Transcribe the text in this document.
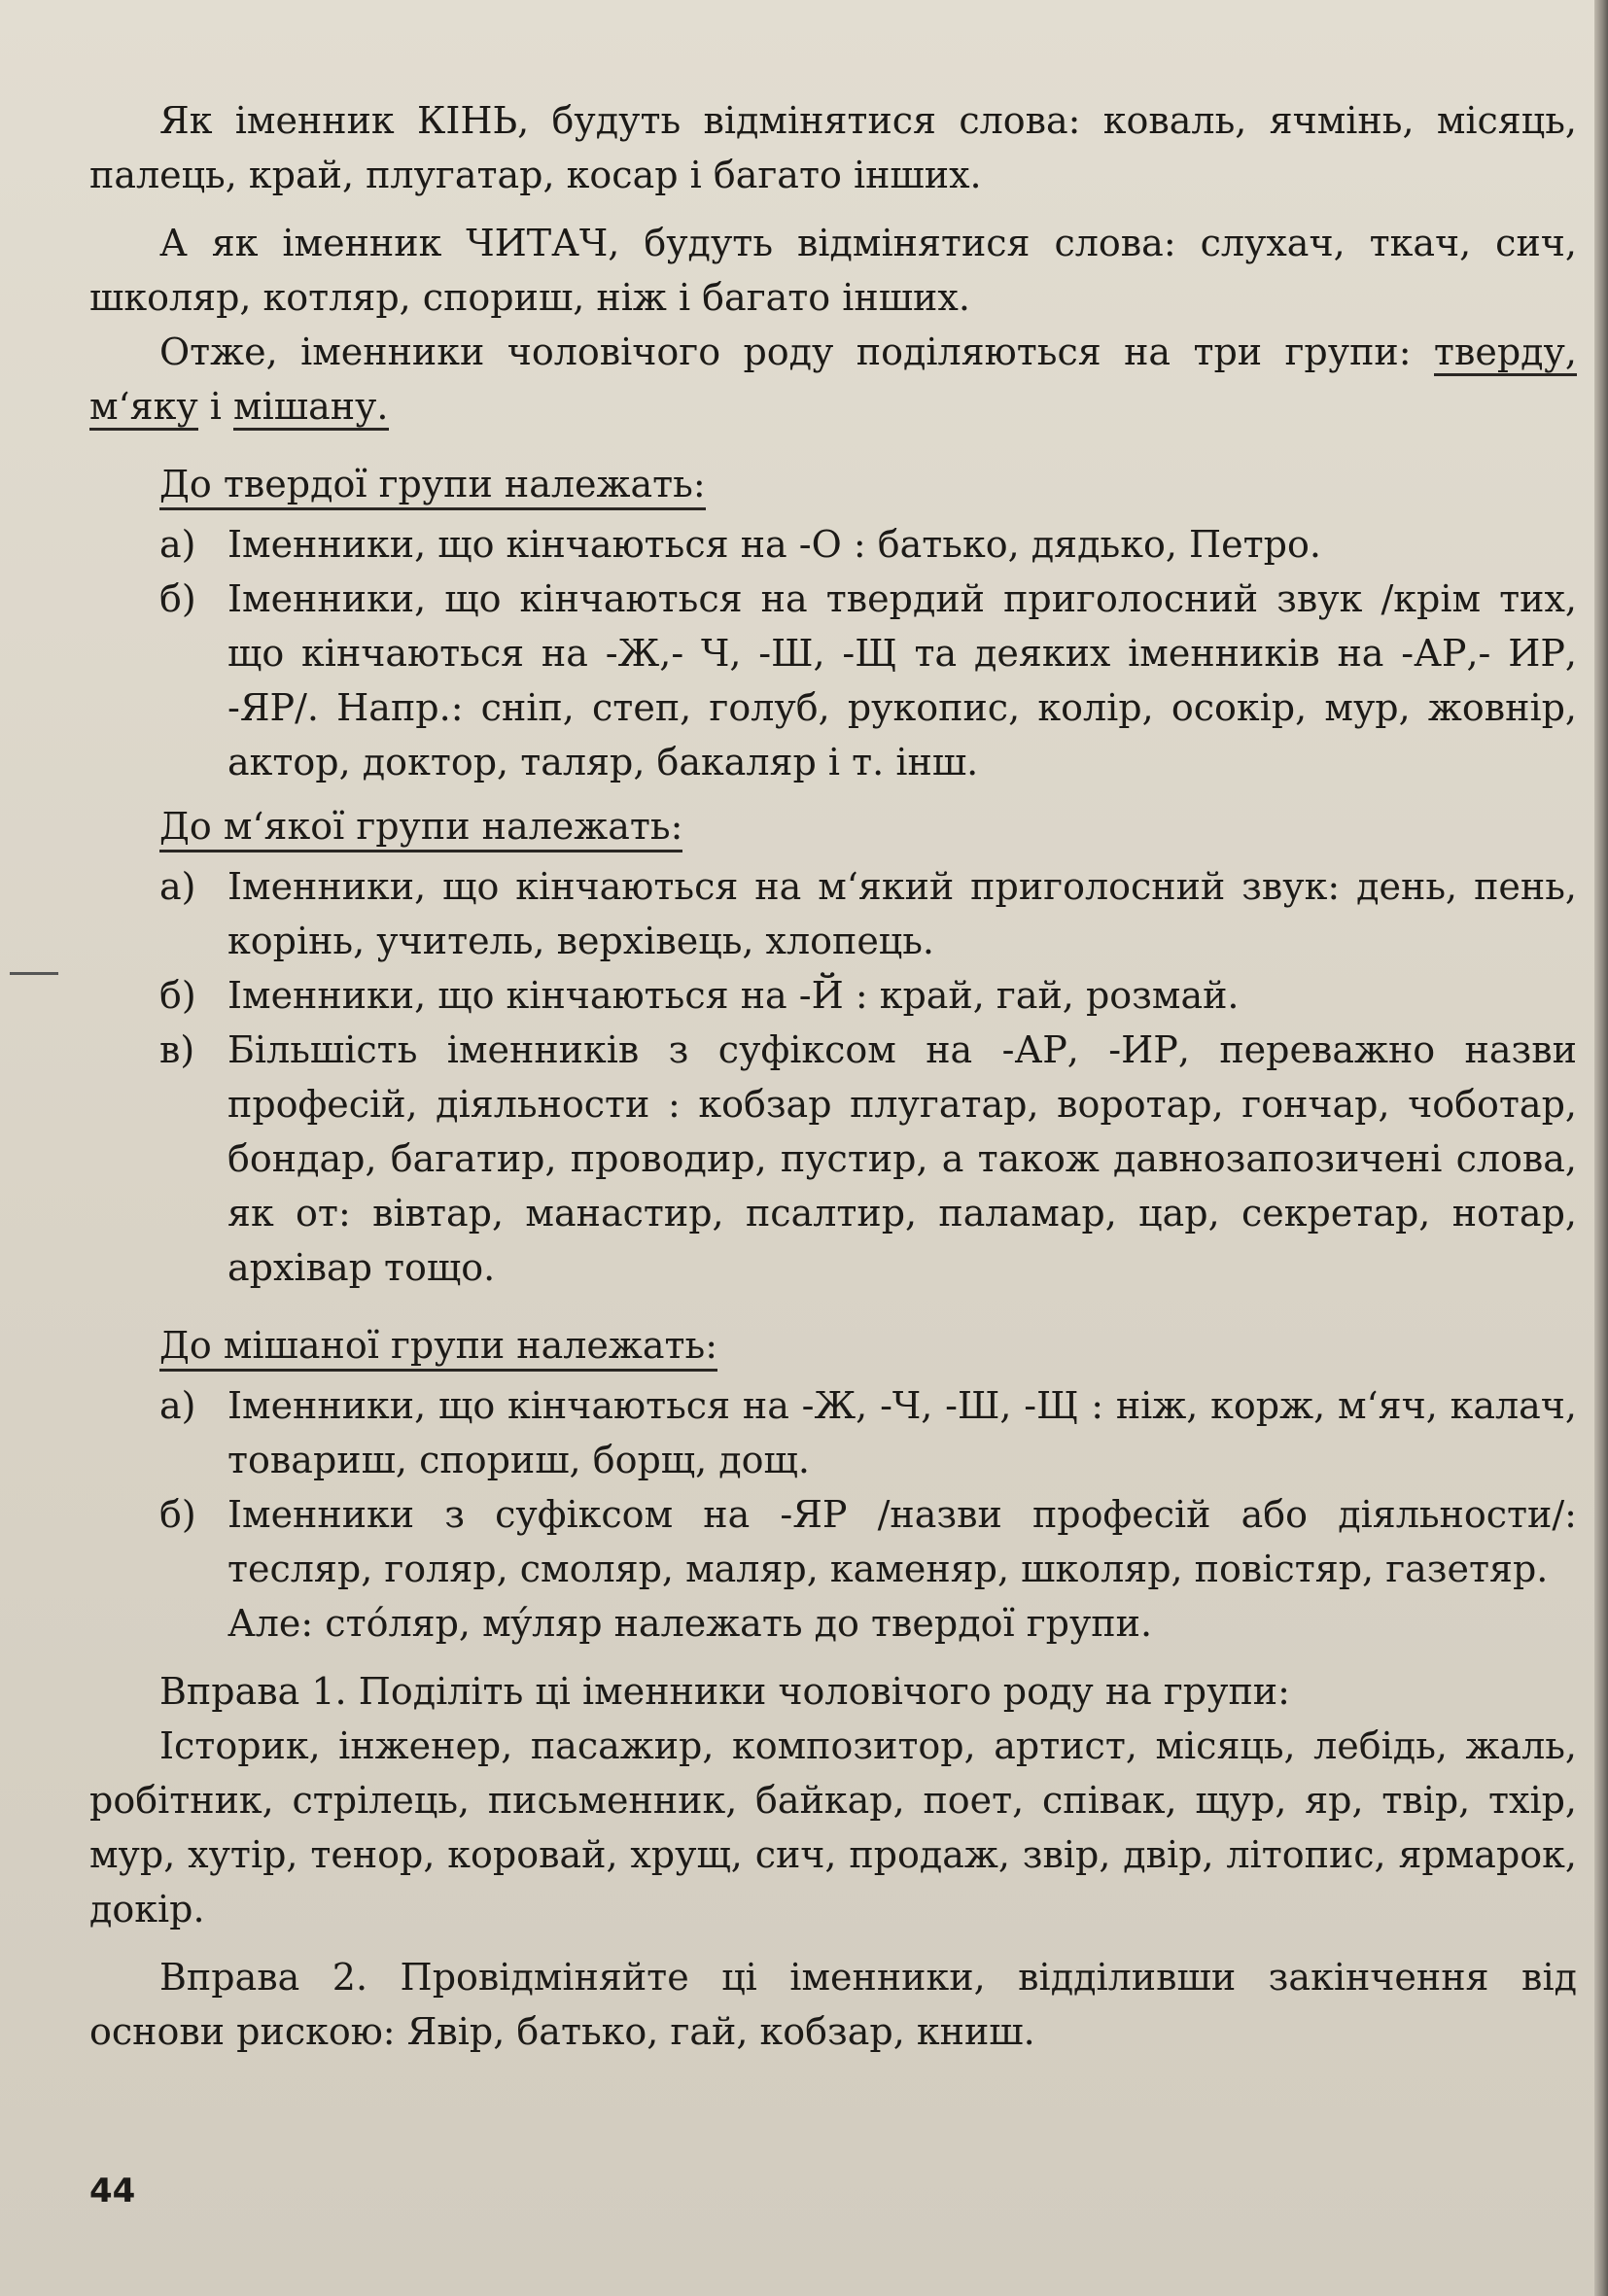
Як іменник КІНЬ, будуть відмінятися слова: коваль, ячмінь, місяць, палець, край, плугатар, косар і багато інших.

А як іменник ЧИТАЧ, будуть відмінятися слова: слухач, ткач, сич, школяр, котляр, спориш, ніж і багато інших.

Отже, іменники чоловічого роду поділяються на три групи: тверду, м‘яку і мішану.

До твердої групи належать:
а) Іменники, що кінчаються на -О : батько, дядько, Петро.
б) Іменники, що кінчаються на твердий приголосний звук /крім тих, що кінчаються на -Ж,- Ч, -Ш, -Щ та деяких іменників на -АР,- ИР, -ЯР/. Напр.: сніп, степ, голуб, рукопис, колір, осокір, мур, жовнір, актор, доктор, таляр, бакаляр і т. інш.
До м‘якої групи належать:
а) Іменники, що кінчаються на м‘який приголосний звук: день, пень, корінь, учитель, верхівець, хлопець.
б) Іменники, що кінчаються на -Й : край, гай, розмай.
в) Більшість іменників з суфіксом на -АР, -ИР, переважно назви професій, діяльности : кобзар плугатар, воротар, гончар, чоботар, бондар, багатир, проводир, пустир, а також давнозапозичені слова, як от: вівтар, манастир, псалтир, паламар, цар, секретар, нотар, архівар тощо.
До мішаної групи належать:
а) Іменники, що кінчаються на -Ж, -Ч, -Ш, -Щ : ніж, корж, м‘яч, калач, товариш, спориш, борщ, дощ.
б) Іменники з суфіксом на -ЯР /назви професій або діяльности/: тесляр, голяр, смоляр, маляр, каменяр, школяр, повістяр, газетяр.

Але: стóляр, мýляр належать до твердої групи.

Вправа 1. Поділіть ці іменники чоловічого роду на групи:

Історик, інженер, пасажир, композитор, артист, місяць, лебідь, жаль, робітник, стрілець, письменник, байкар, поет, співак, щур, яр, твір, тхір, мур, хутір, тенор, коровай, хрущ, сич, продаж, звір, двір, літопис, ярмарок, докір.

Вправа 2. Провідміняйте ці іменники, відділивши закінчення від основи рискою: Явір, батько, гай, кобзар, книш.

44
